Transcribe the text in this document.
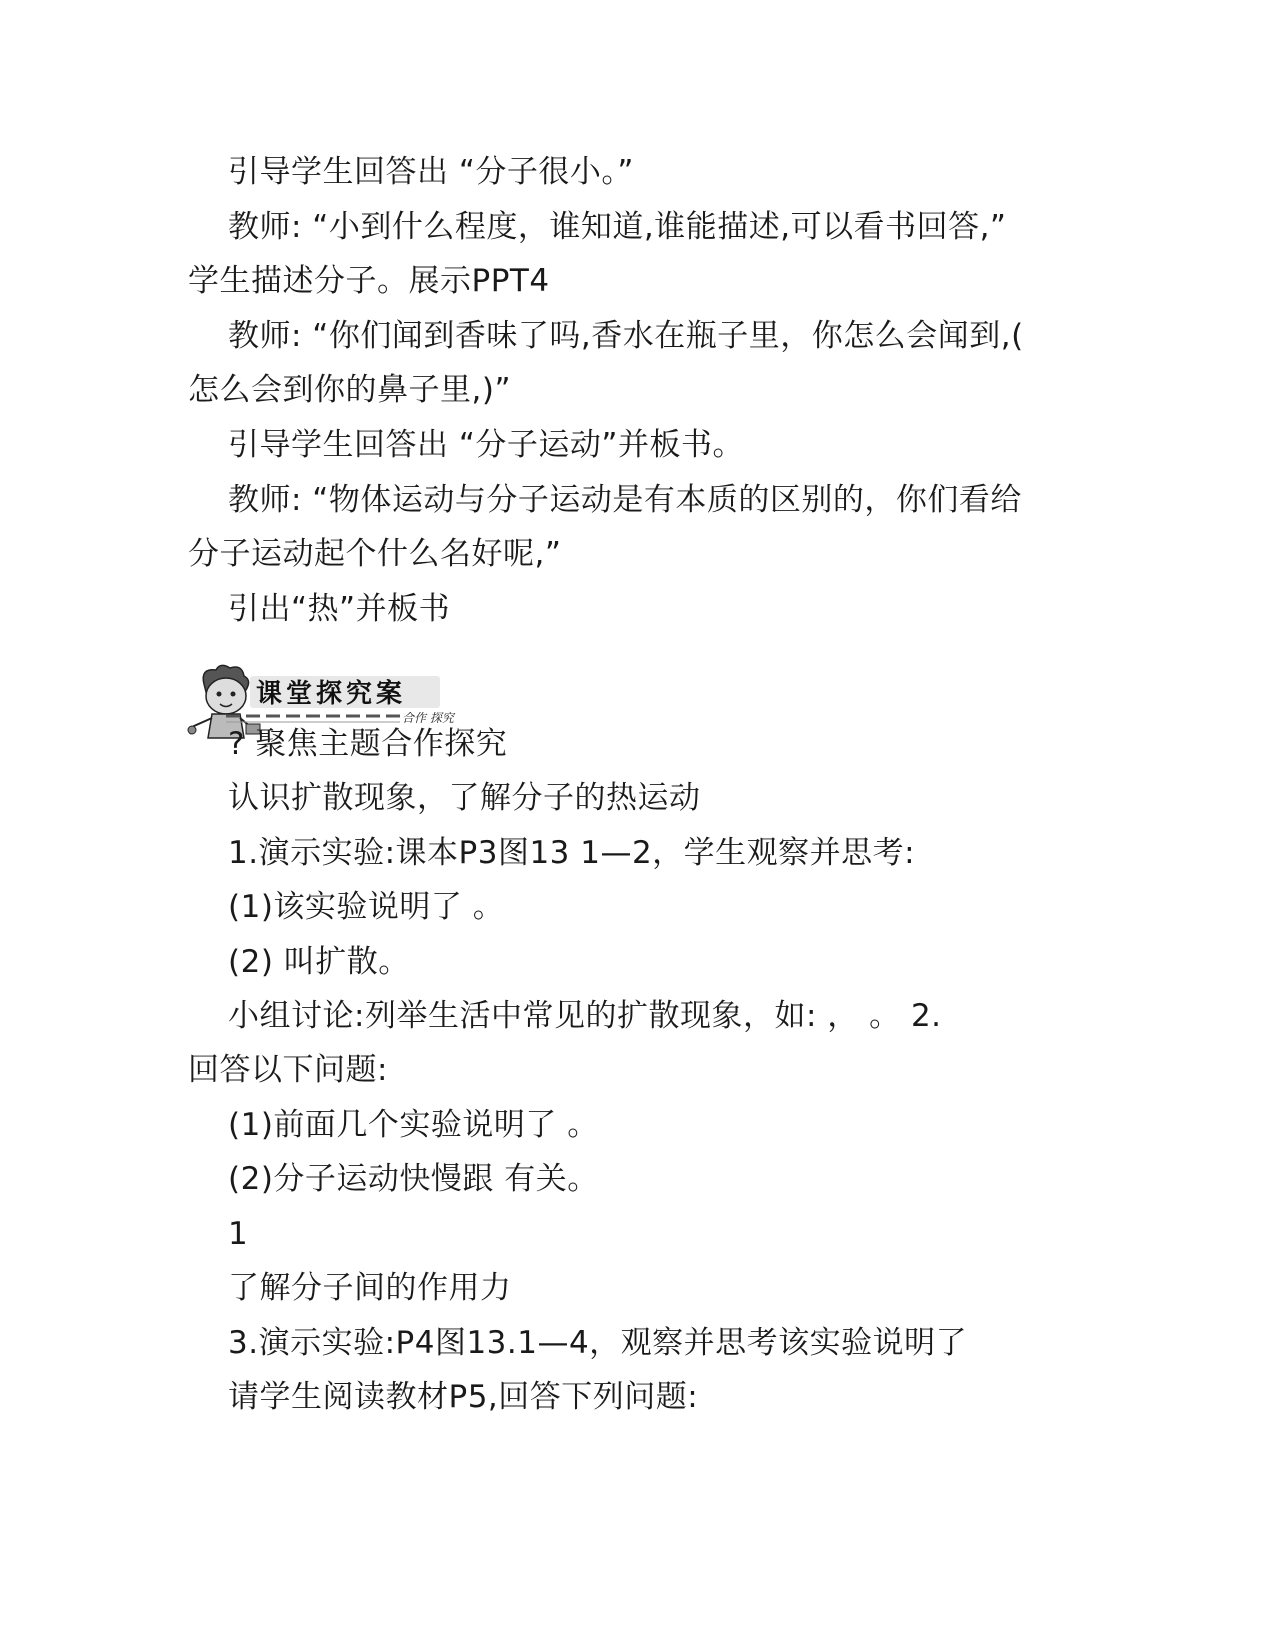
引导学生回答出 “分子很小。”
教师: “小到什么程度，谁知道,谁能描述,可以看书回答,”
学生描述分子。展示PPT4
教师: “你们闻到香味了吗,香水在瓶子里，你怎么会闻到,(
怎么会到你的鼻子里,)”
引导学生回答出 “分子运动”并板书。
教师: “物体运动与分子运动是有本质的区别的，你们看给
分子运动起个什么名好呢,”
引出“热”并板书
课堂探究案
合作 探究
? 聚焦主题合作探究
认识扩散现象，了解分子的热运动
1.演示实验:课本P3图13 1—2，学生观察并思考:
(1)该实验说明了 。
(2) 叫扩散。
小组讨论:列举生活中常见的扩散现象，如: ， 。 2.
回答以下问题:
(1)前面几个实验说明了 。
(2)分子运动快慢跟 有关。
1
了解分子间的作用力
3.演示实验:P4图13.1—4，观察并思考该实验说明了
请学生阅读教材P5,回答下列问题:
